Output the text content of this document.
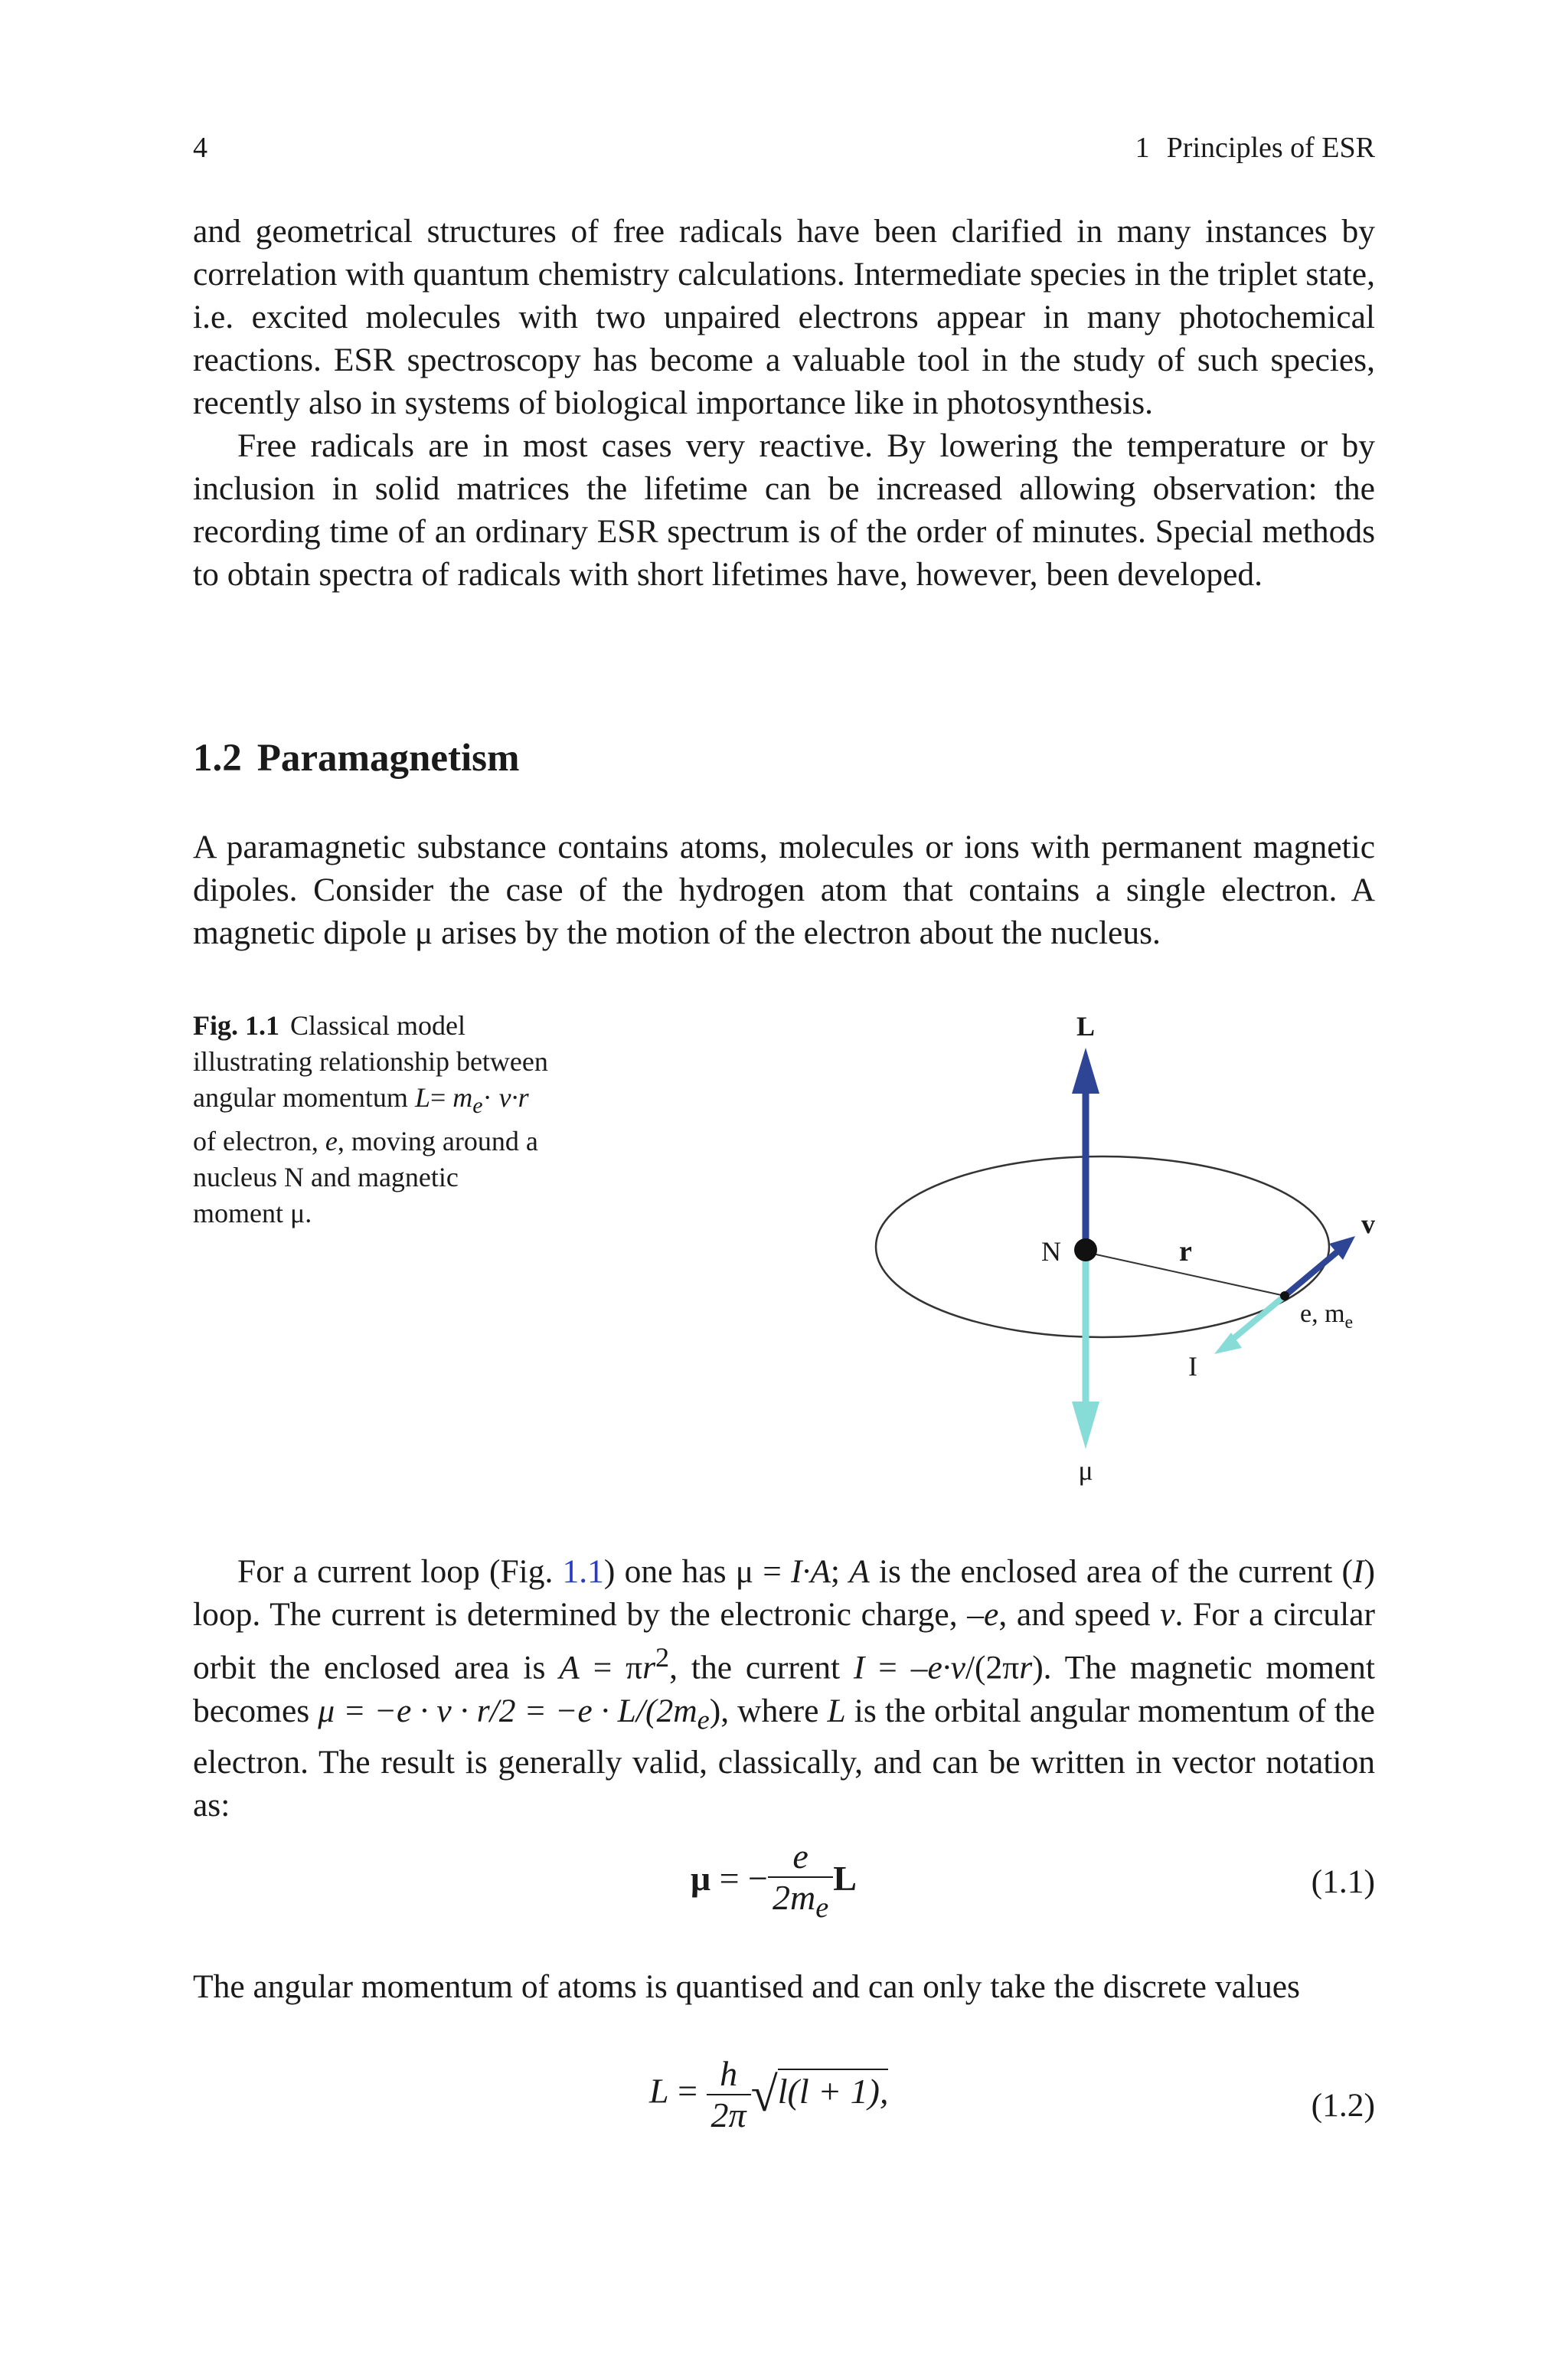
4	1 Principles of ESR

and geometrical structures of free radicals have been clarified in many instances by correlation with quantum chemistry calculations. Intermediate species in the triplet state, i.e. excited molecules with two unpaired electrons appear in many photochemical reactions. ESR spectroscopy has become a valuable tool in the study of such species, recently also in systems of biological importance like in photosynthesis.

Free radicals are in most cases very reactive. By lowering the temperature or by inclusion in solid matrices the lifetime can be increased allowing observation: the recording time of an ordinary ESR spectrum is of the order of minutes. Special methods to obtain spectra of radicals with short lifetimes have, however, been developed.

1.2 Paramagnetism

A paramagnetic substance contains atoms, molecules or ions with permanent magnetic dipoles. Consider the case of the hydrogen atom that contains a single electron. A magnetic dipole μ arises by the motion of the electron about the nucleus.

Fig. 1.1 Classical model illustrating relationship between angular momentum $L= m_e\cdot v\cdot r$ of electron, e, moving around a nucleus N and magnetic moment μ.
L
N	r
v
e, $m_e$
I
μ

For a current loop (Fig. 1.1) one has μ = I·A; A is the enclosed area of the current (I) loop. The current is determined by the electronic charge, –e, and speed v. For a circular orbit the enclosed area is $A = \pi r^2$, the current I = –e·v/(2πr). The magnetic moment becomes $\mu = -e \cdot v \cdot r/2 = -e \cdot L/(2m_e)$, where L is the orbital angular momentum of the electron. The result is generally valid, classically, and can be written in vector notation as:

μ = − $\frac{e}{2m_e}$ L	(1.1)

The angular momentum of atoms is quantised and can only take the discrete values

$L = \frac{h}{2\pi} √l(l + 1)$,	(1.2)
